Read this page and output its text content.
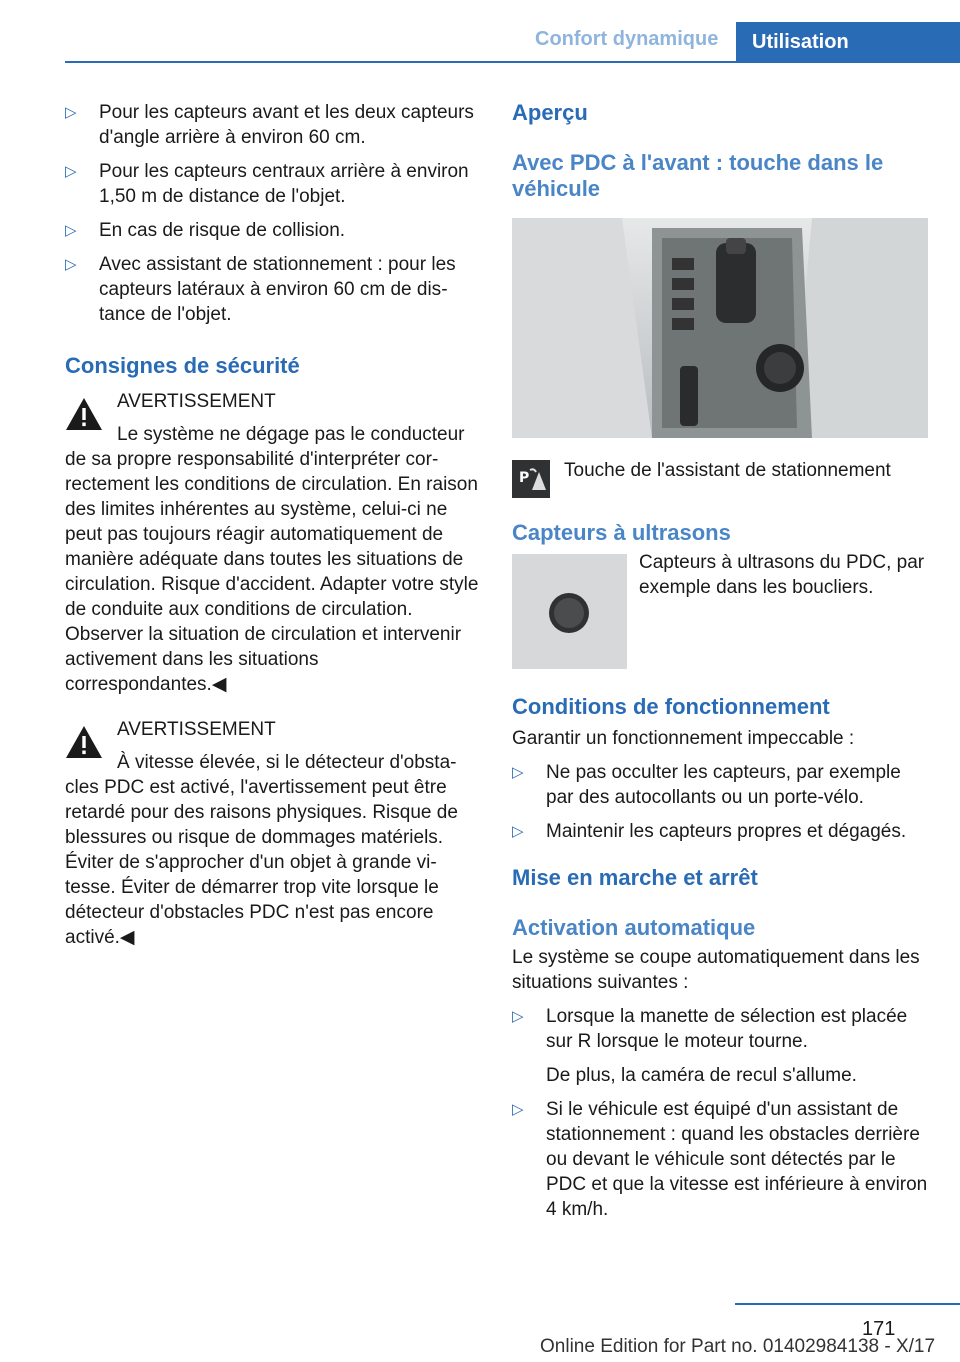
Confort dynamique	Utilisation
▷ Pour les capteurs avant et les deux capteurs d'angle arrière à environ 60 cm.
▷ Pour les capteurs centraux arrière à environ 1,50 m de distance de l'objet.
▷ En cas de risque de collision.
▷ Avec assistant de stationnement : pour les capteurs latéraux à environ 60 cm de distance de l'objet.
Consignes de sécurité
AVERTISSEMENT
Le système ne dégage pas le conducteur
de sa propre responsabilité d'interpréter correctement les conditions de circulation. En raison des limites inhérentes au système, celui-ci ne peut pas toujours réagir automatiquement de manière adéquate dans toutes les situations de circulation. Risque d'accident. Adapter votre style de conduite aux conditions de circulation. Observer la situation de circulation et intervenir activement dans les situations correspondantes.◀
AVERTISSEMENT
À vitesse élevée, si le détecteur d'obsta-
cles PDC est activé, l'avertissement peut être retardé pour des raisons physiques. Risque de blessures ou risque de dommages matériels. Éviter de s'approcher d'un objet à grande vitesse. Éviter de démarrer trop vite lorsque le détecteur d'obstacles PDC n'est pas encore activé.◀
Aperçu
Avec PDC à l'avant : touche dans le véhicule
P Touche de l'assistant de stationnement
Capteurs à ultrasons
Capteurs à ultrasons du PDC, par exemple dans les boucliers.
Conditions de fonctionnement
Garantir un fonctionnement impeccable :
▷ Ne pas occulter les capteurs, par exemple par des autocollants ou un porte-vélo.
▷ Maintenir les capteurs propres et dégagés.
Mise en marche et arrêt
Activation automatique
Le système se coupe automatiquement dans les situations suivantes :
▷ Lorsque la manette de sélection est placée sur R lorsque le moteur tourne.
De plus, la caméra de recul s'allume.
▷ Si le véhicule est équipé d'un assistant de stationnement : quand les obstacles derrière ou devant le véhicule sont détectés par le PDC et que la vitesse est inférieure à environ 4 km/h.
171
Online Edition for Part no. 01402984138 - X/17
